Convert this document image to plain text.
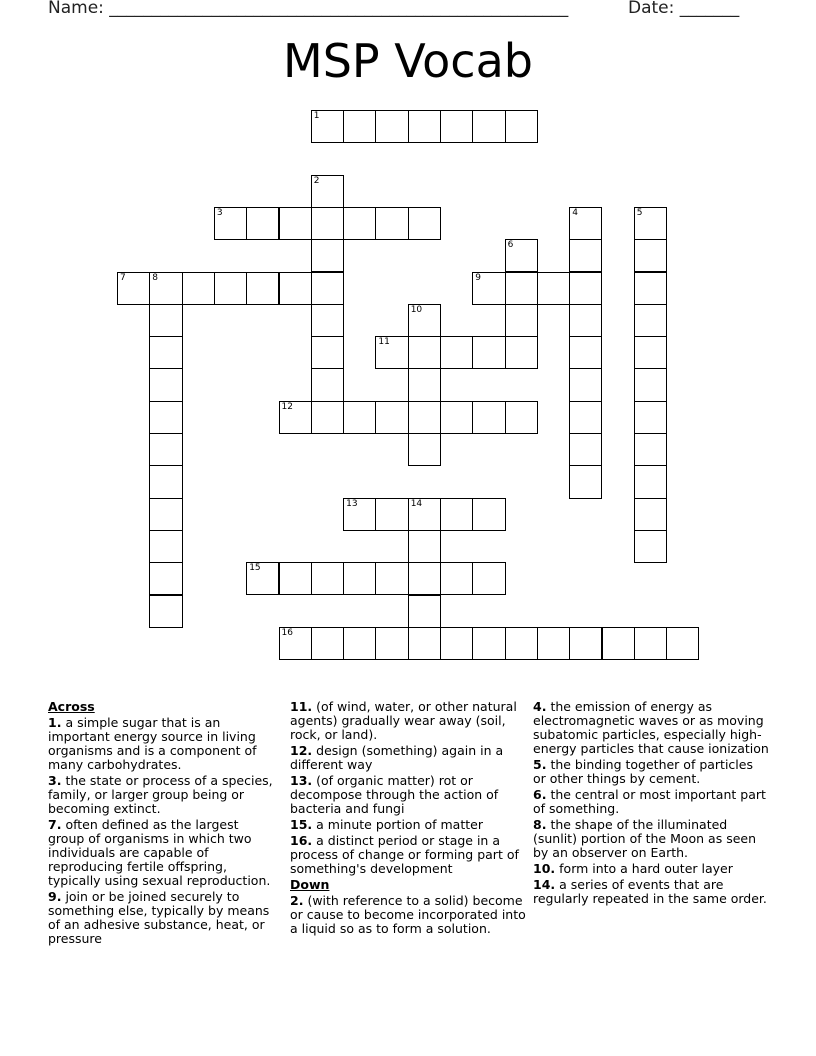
Name: ______________________________________________________	Date: _______
MSP Vocab
1
2
3	4	5
6
7	8	9
10
11
12
13	14
15
16
Across
1. a simple sugar that is an important energy source in living organisms and is a component of many carbohydrates.
3. the state or process of a species, family, or larger group being or becoming extinct.
7. often defined as the largest group of organisms in which two individuals are capable of reproducing fertile offspring, typically using sexual reproduction.
9. join or be joined securely to something else, typically by means of an adhesive substance, heat, or pressure
11. (of wind, water, or other natural agents) gradually wear away (soil, rock, or land).
12. design (something) again in a different way
13. (of organic matter) rot or decompose through the action of bacteria and fungi
15. a minute portion of matter
16. a distinct period or stage in a process of change or forming part of something's development
Down
2. (with reference to a solid) become or cause to become incorporated into a liquid so as to form a solution.
4. the emission of energy as electromagnetic waves or as moving subatomic particles, especially high-energy particles that cause ionization
5. the binding together of particles or other things by cement.
6. the central or most important part of something.
8. the shape of the illuminated (sunlit) portion of the Moon as seen by an observer on Earth.
10. form into a hard outer layer
14. a series of events that are regularly repeated in the same order.
